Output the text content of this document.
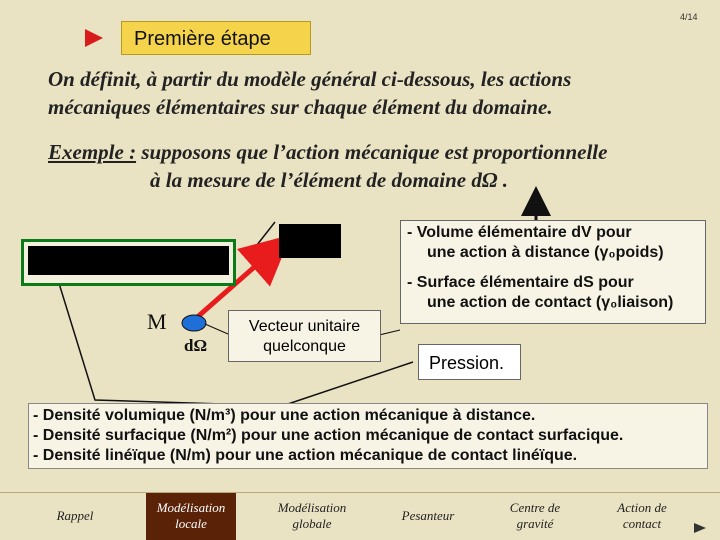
Première étape
4/14
On définit, à partir du modèle général ci-dessous, les actions
mécaniques élémentaires sur chaque élément du domaine.
Exemple : supposons que l’action mécanique est proportionnelle
à la mesure de l’élément de domaine dΩ .
M
dΩ
Vecteur unitaire quelconque
- Volume élémentaire dV pour
une action à distance (γ₀poids)
- Surface élémentaire dS pour
une action de contact (γ₀liaison)
Pression.
- Densité volumique (N/m³) pour une action mécanique à distance.
- Densité surfacique (N/m²) pour une action mécanique de contact surfacique.
- Densité linéïque (N/m) pour une action mécanique de contact linéïque.
Rappel
Modélisation locale
Modélisation globale
Pesanteur
Centre de gravité
Action de contact
